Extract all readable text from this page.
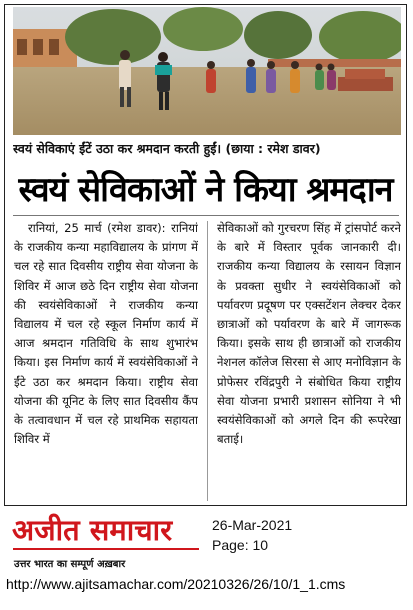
स्वयं सेविकाएं ईंटें उठा कर श्रमदान करती हुईं। (छाया : रमेश डावर)
स्वयं सेविकाओं ने किया श्रमदान

रानियां, 25 मार्च (रमेश डावर): रानियां के राजकीय कन्या महाविद्यालय के प्रांगण में चल रहे सात दिवसीय राष्ट्रीय सेवा योजना के शिविर में आज छठे दिन राष्ट्रीय सेवा योजना की स्वयंसेविकाओं ने राजकीय कन्या विद्यालय में चल रहे स्कूल निर्माण कार्य में आज श्रमदान गतिविधि के साथ शुभारंभ किया। इस निर्माण कार्य में स्वयंसेविकाओं ने ईंटे उठा कर श्रमदान किया। राष्ट्रीय सेवा योजना की यूनिट के लिए सात दिवसीय कैंप के तत्वावधान में चल रहे प्राथमिक सहायता शिविर में

सेविकाओं को गुरचरण सिंह में ट्रांसपोर्ट करने के बारे में विस्तार पूर्वक जानकारी दी। राजकीय कन्या विद्यालय के रसायन विज्ञान के प्रवक्ता सुधीर ने स्वयंसेविकाओं को पर्यावरण प्रदूषण पर एक्सटेंशन लेक्चर देकर छात्राओं को पर्यावरण के बारे में जागरूक किया। इसके साथ ही छात्राओं को राजकीय नेशनल कॉलेज सिरसा से आए मनोविज्ञान के प्रोफेसर रविंद्रपुरी ने संबोधित किया राष्ट्रीय सेवा योजना प्रभारी प्रशासन सोनिया ने भी स्वयंसेविकाओं को अगले दिन की रूपरेखा बताई।

अजीत समाचार
उत्तर भारत का सम्पूर्ण अख़बार
26-Mar-2021
Page: 10
http://www.ajitsamachar.com/20210326/26/10/1_1.cms
